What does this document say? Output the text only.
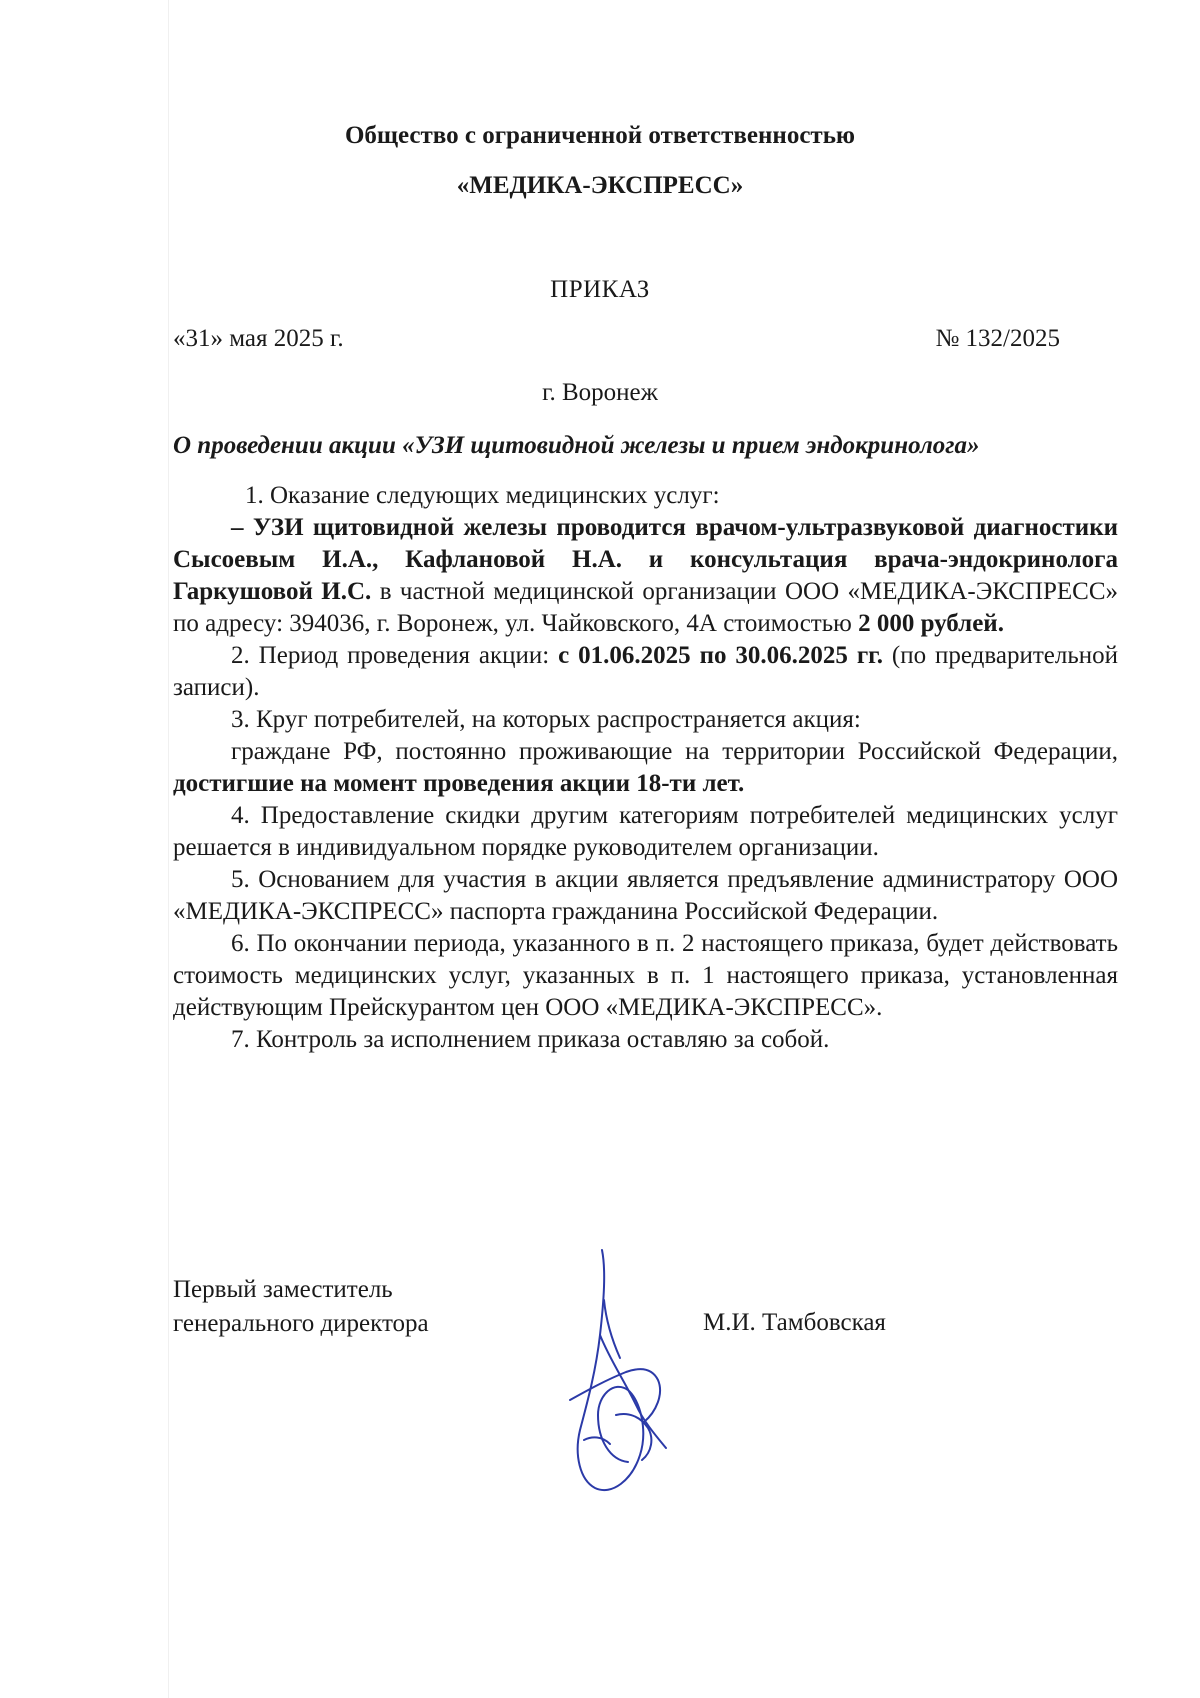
Общество с ограниченной ответственностью
«МЕДИКА-ЭКСПРЕСС»
ПРИКАЗ
«31» мая 2025 г.	№ 132/2025
г. Воронеж
О проведении акции «УЗИ щитовидной железы и прием эндокринолога»

1. Оказание следующих медицинских услуг:

– УЗИ щитовидной железы проводится врачом-ультразвуковой диагностики Сысоевым И.А., Кафлановой Н.А. и консультация врача-эндокринолога Гаркушовой И.С. в частной медицинской организации ООО «МЕДИКА-ЭКСПРЕСС» по адресу: 394036, г. Воронеж, ул. Чайковского, 4А стоимостью 2 000 рублей.

2. Период проведения акции: с 01.06.2025 по 30.06.2025 гг. (по предварительной записи).

3. Круг потребителей, на которых распространяется акция:

граждане РФ, постоянно проживающие на территории Российской Федерации, достигшие на момент проведения акции 18-ти лет.

4. Предоставление скидки другим категориям потребителей медицинских услуг решается в индивидуальном порядке руководителем организации.

5. Основанием для участия в акции является предъявление администратору ООО «МЕДИКА-ЭКСПРЕСС» паспорта гражданина Российской Федерации.

6. По окончании периода, указанного в п. 2 настоящего приказа, будет действовать стоимость медицинских услуг, указанных в п. 1 настоящего приказа, установленная действующим Прейскурантом цен ООО «МЕДИКА-ЭКСПРЕСС».

7. Контроль за исполнением приказа оставляю за собой.

Первый заместитель
генерального директора	М.И. Тамбовская
